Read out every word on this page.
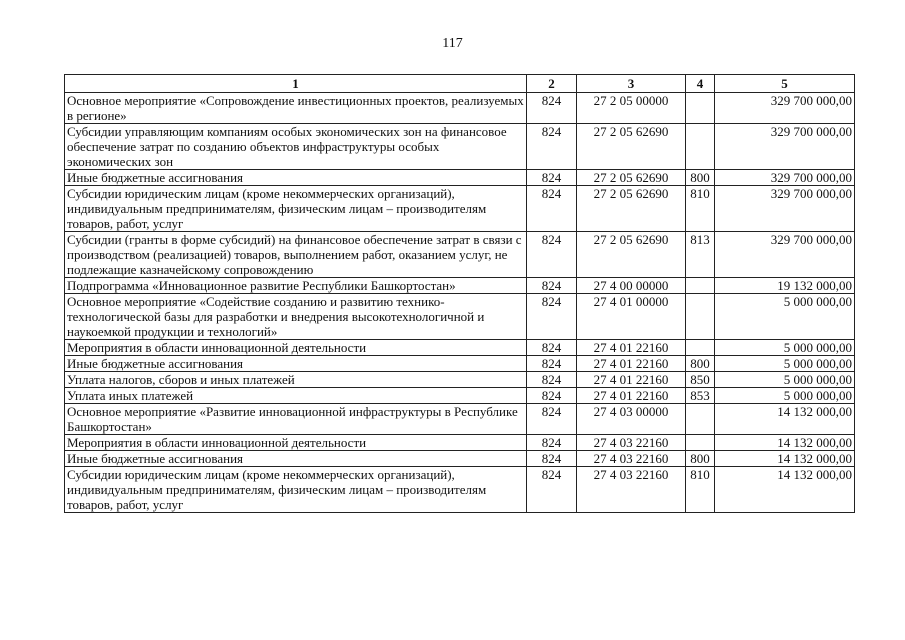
117
1	2	3	4	5
Основное мероприятие «Сопровождение инвестиционных проектов, реализуемых в регионе»	824	27 2 05 00000		329 700 000,00
Субсидии управляющим компаниям особых экономических зон на финансовое обеспечение затрат по созданию объектов инфраструктуры особых экономических зон	824	27 2 05 62690		329 700 000,00
Иные бюджетные ассигнования	824	27 2 05 62690	800	329 700 000,00
Субсидии юридическим лицам (кроме некоммерческих организаций), индивидуальным предпринимателям, физическим лицам – производителям товаров, работ, услуг	824	27 2 05 62690	810	329 700 000,00
Субсидии (гранты в форме субсидий) на финансовое обеспечение затрат в связи с производством (реализацией) товаров, выполнением работ, оказанием услуг, не подлежащие казначейскому сопровождению	824	27 2 05 62690	813	329 700 000,00
Подпрограмма «Инновационное развитие Республики Башкортостан»	824	27 4 00 00000		19 132 000,00
Основное мероприятие «Содействие созданию и развитию технико-технологической базы для разработки и внедрения высокотехнологичной и наукоемкой продукции и технологий»	824	27 4 01 00000		5 000 000,00
Мероприятия в области инновационной деятельности	824	27 4 01 22160		5 000 000,00
Иные бюджетные ассигнования	824	27 4 01 22160	800	5 000 000,00
Уплата налогов, сборов и иных платежей	824	27 4 01 22160	850	5 000 000,00
Уплата иных платежей	824	27 4 01 22160	853	5 000 000,00
Основное мероприятие «Развитие инновационной инфраструктуры в Республике Башкортостан»	824	27 4 03 00000		14 132 000,00
Мероприятия в области инновационной деятельности	824	27 4 03 22160		14 132 000,00
Иные бюджетные ассигнования	824	27 4 03 22160	800	14 132 000,00
Субсидии юридическим лицам (кроме некоммерческих организаций), индивидуальным предпринимателям, физическим лицам – производителям товаров, работ, услуг	824	27 4 03 22160	810	14 132 000,00
